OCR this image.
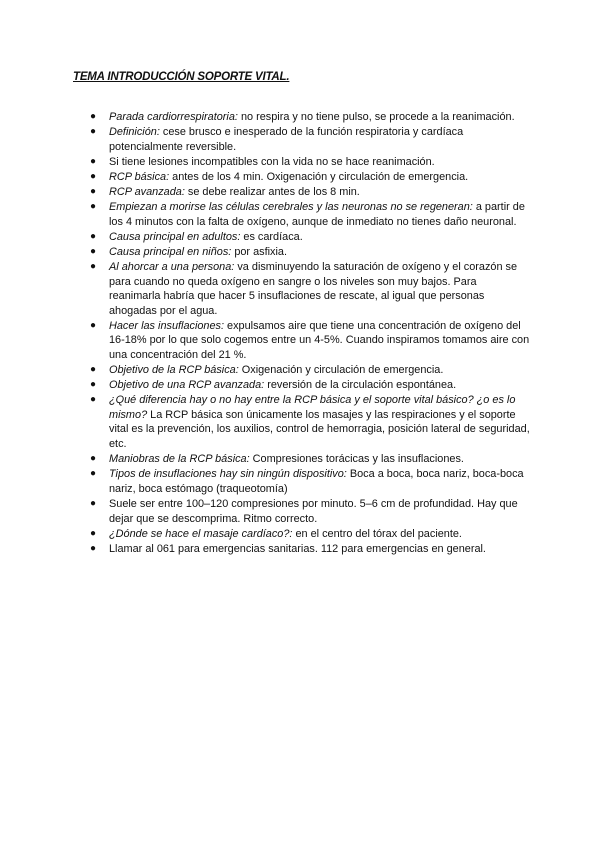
TEMA INTRODUCCIÓN SOPORTE VITAL.
● Parada cardiorrespiratoria: no respira y no tiene pulso, se procede a la reanimación.
● Definición: cese brusco e inesperado de la función respiratoria y cardíaca potencialmente reversible.
● Si tiene lesiones incompatibles con la vida no se hace reanimación.
● RCP básica: antes de los 4 min. Oxigenación y circulación de emergencia.
● RCP avanzada: se debe realizar antes de los 8 min.
● Empiezan a morirse las células cerebrales y las neuronas no se regeneran: a partir de los 4 minutos con la falta de oxígeno, aunque de inmediato no tienes daño neuronal.
● Causa principal en adultos: es cardíaca.
● Causa principal en niños: por asfixia.
● Al ahorcar a una persona: va disminuyendo la saturación de oxígeno y el corazón se para cuando no queda oxígeno en sangre o los niveles son muy bajos. Para reanimarla habría que hacer 5 insuflaciones de rescate, al igual que personas ahogadas por el agua.
● Hacer las insuflaciones: expulsamos aire que tiene una concentración de oxígeno del 16-18% por lo que solo cogemos entre un 4-5%. Cuando inspiramos tomamos aire con una concentración del 21 %.
● Objetivo de la RCP básica: Oxigenación y circulación de emergencia.
● Objetivo de una RCP avanzada: reversión de la circulación espontánea.
● ¿Qué diferencia hay o no hay entre la RCP básica y el soporte vital básico? ¿o es lo mismo? La RCP básica son únicamente los masajes y las respiraciones y el soporte vital es la prevención, los auxilios, control de hemorragia, posición lateral de seguridad, etc.
● Maniobras de la RCP básica: Compresiones torácicas y las insuflaciones.
● Tipos de insuflaciones hay sin ningún dispositivo: Boca a boca, boca nariz, boca-boca nariz, boca estómago (traqueotomía)
● Suele ser entre 100–120 compresiones por minuto. 5–6 cm de profundidad. Hay que dejar que se descomprima. Ritmo correcto.
● ¿Dónde se hace el masaje cardíaco?: en el centro del tórax del paciente.
● Llamar al 061 para emergencias sanitarias. 112 para emergencias en general.
